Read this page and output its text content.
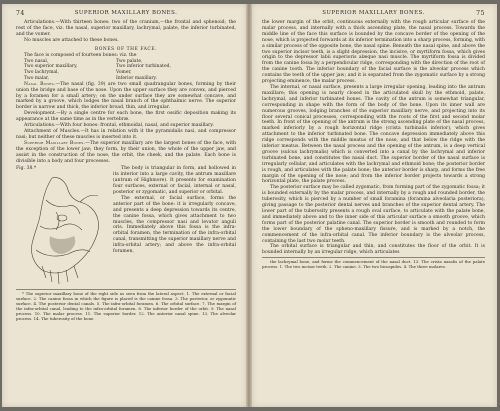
74	SUPERIOR MAXILLARY BONES.

Articulations.—With thirteen bones: two of the cranium,—the frontal and sphenoid; the rest of the face, viz. the nasal, superior maxillary, lachrymal, palate, the inferior turbinated, and the vomer.

No muscles are attached to these bones.

BONES OF THE FACE.

The face is composed of fourteen bones: viz. the

Two nasal,	Two palate,
Two superior maxillary,	Two inferior turbinated,
Two lachrymal,	Vomer,
Two malar,	Inferior maxillary.

Nasal Bones.—The nasal (fig. 39) are two small quadrangular bones, forming by their union the bridge and base of the nose. Upon the upper surface they are convex, and pierced by a foramen for a small artery; on the under surface they are somewhat concave, and marked by a groove, which lodges the nasal branch of the ophthalmic nerve. The superior border is narrow and thick, the inferior broad, thin, and irregular.

Development.—By a single centre for each bone, the first ossific deposition making its appearance at the same time as in the vertebræ.

Articulations.—With four bones: frontal, ethmoidal, nasal, and superior maxillary.

Attachment of Muscles.—It has in relation with it the pyramidalis nasi, and compressor nasi; but neither of these muscles is inserted into it.

Superior Maxillary Bones.—The superior maxillary are the largest bones of the face, with the exception of the lower jaw; they form, by their union, the whole of the upper jaw, and assist in the construction of the nose, the orbit, the cheek, and the palate. Each bone is divisible into a body and four processes.

Fig. 38.*	The body is triangular in form, and hollowed in its interior into a large cavity, the antrum maxillare (antrum of Highmore). It presents for examination four surfaces, external or facial, internal or nasal, posterior or zygomatic, and superior or orbital.

The external, or facial surface, forms the anterior part of the bone: it is irregularly concave, and presents a deep depression towards its centre, the canine fossa, which gives attachment to two muscles, the compressor nasi and levator anguli oris. Immediately above this fossa is the infra-orbital foramen, the termination of the infra-orbital canal, transmitting the superior maxillary nerve and infra-orbital artery; and above the infra-orbital foramen,

* The superior maxillary bone of the right side as seen from the lateral aspect. 1. The external or facial surface. 2. The canine fossa in which the figure is placed is the canine fossa. 3. The posterior, or zygomatic surface. 4. The posterior dental canals. 5. The infra-orbital foramen. 6. The orbital surface. 7. The margin of the infra-orbital canal, leading to the infra-orbital foramen. 8. The inferior border of the orbit. 9. The nasal process. 10. The malar process. 11. The superior border. 12. The anterior nasal spine. 13. The alveolar process. 14. The tuberosity of the bone.

SUPERIOR MAXILLARY BONES.	75

the lower margin of the orbit, continuous externally with the rough articular surface of the malar process, and internally with a thick ascending plate, the nasal process. Towards the middle line of the face this surface is bounded by the concave border of the opening of the nose, which is projected forwards at its inferior termination into a sharp process, forming, with a similar process of the opposite bone, the nasal spine. Beneath the nasal spine, and above the two superior incisor teeth, is a slight depression, the incisive, or myrtiform fossa, which gives origin to the depressor labii superioris alæque nasi muscle. The myrtiform fossa is divided from the canine fossa by a perpendicular ridge, corresponding with the direction of the root of the canine tooth. The inferior boundary of the facial surface is the alveolar process which contains the teeth of the upper jaw; and it is separated from the zygomatic surface by a strong projecting eminence, the malar process.

The internal, or nasal surface, presents a large irregular opening, leading into the antrum maxillare; this opening is nearly closed in the articulated skull by the ethmoid, palate, lachrymal, and inferior turbinated bones. The cavity of the antrum is somewhat triangular, corresponding in shape with the form of the body of the bone. Upon its inner wall are numerous grooves, lodging branches of the superior maxillary nerve, and projecting into its floor several conical processes, corresponding with the roots of the first and second molar teeth. In front of the opening of the antrum is the strong ascending plate of the nasal process, marked inferiorly by a rough horizontal ridge (crista turbinalis inferior), which gives attachment to the inferior turbinated bone. The concave depression immediately above this ridge corresponds with the middle meatus of the nose, and that below the ridge with the inferior meatus. Between the nasal process and the opening of the antrum, is a deep vertical groove (sulcus lachrymalis) which is converted into a canal by the lachrymal and inferior turbinated bone, and constitutes the nasal duct. The superior border of the nasal surface is irregularly cellular, and articulates with the lachrymal and ethmoid bone; the posterior border is rough, and articulates with the palate bone; the anterior border is sharp, and forms the free margin of the opening of the nose; and from the inferior border projects towards a strong horizontal plate, the palate process.

The posterior surface may be called zygomatic, from forming part of the zygomatic fossa; it is bounded externally by the malar process, and internally by a rough and rounded border, the tuberosity, which is pierced by a number of small foramina (foramina alveolaria posteriora), giving passage to the posterior dental nerves and branches of the superior dental artery. The lower part of the tuberosity presents a rough oval surface, to articulate with the palate bone, and immediately above and to the inner side of this articular surface a smooth groove, which forms part of the posterior palatine canal. The superior border is smooth and rounded to form the lower boundary of the spheno-maxillary fissure, and is marked by a notch, the commencement of the infra-orbital canal. The inferior boundary is the alveolar process, containing the last two molar teeth.

The orbital surface is triangular and thin, and constitutes the floor of the orbit. It is bounded internally by an irregular ridge, which articulates

the lachrymal bone, and forms the commencement of the nasal duct. 13. The crista nasalis of the palate process. 1. The two incisor teeth. 2. The canine. 3. The two bicuspides. 4. The three molares.
